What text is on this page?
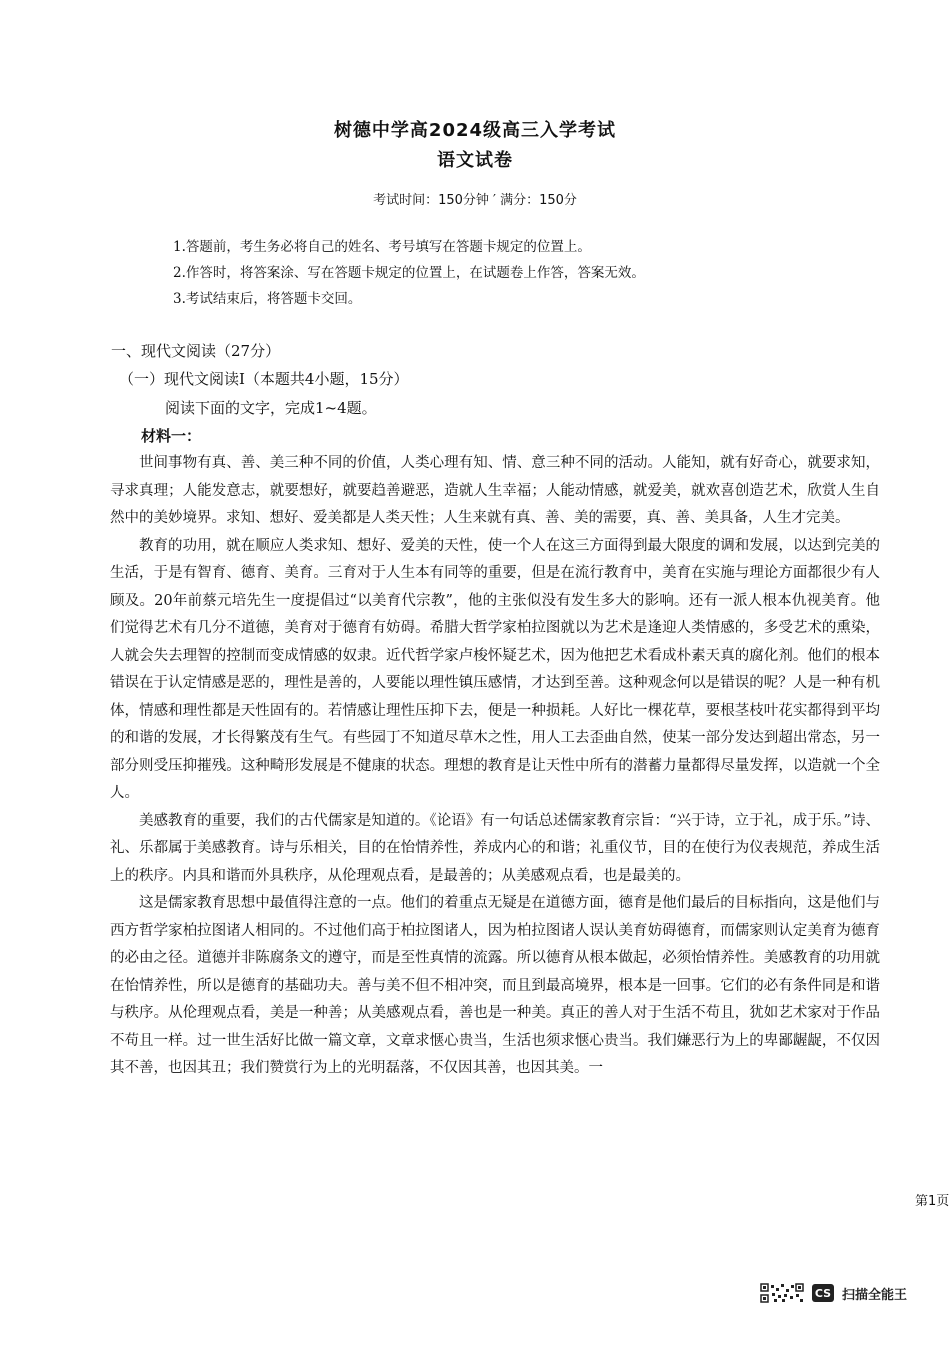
树德中学高2024级高三入学考试
语文试卷
考试时间：150分钟 ′ 满分：150分
1.答题前，考生务必将自己的姓名、考号填写在答题卡规定的位置上。
2.作答时，将答案涂、写在答题卡规定的位置上，在试题卷上作答，答案无效。
3.考试结束后，将答题卡交回。
一、现代文阅读（27分）
（一）现代文阅读Ⅰ（本题共4小题，15分）
阅读下面的文字，完成1~4题。
材料一：

世间事物有真、善、美三种不同的价值，人类心理有知、情、意三种不同的活动。人能知，就有好奇心，就要求知，寻求真理；人能发意志，就要想好，就要趋善避恶，造就人生幸福；人能动情感，就爱美，就欢喜创造艺术，欣赏人生自然中的美妙境界。求知、想好、爱美都是人类天性；人生来就有真、善、美的需要，真、善、美具备，人生才完美。

教育的功用，就在顺应人类求知、想好、爱美的天性，使一个人在这三方面得到最大限度的调和发展，以达到完美的生活，于是有智育、德育、美育。三育对于人生本有同等的重要，但是在流行教育中，美育在实施与理论方面都很少有人顾及。20年前蔡元培先生一度提倡过“以美育代宗教”，他的主张似没有发生多大的影响。还有一派人根本仇视美育。他们觉得艺术有几分不道德，美育对于德育有妨碍。希腊大哲学家柏拉图就以为艺术是逢迎人类情感的，多受艺术的熏染，人就会失去理智的控制而变成情感的奴隶。近代哲学家卢梭怀疑艺术，因为他把艺术看成朴素天真的腐化剂。他们的根本错误在于认定情感是恶的，理性是善的，人要能以理性镇压感情，才达到至善。这种观念何以是错误的呢？人是一种有机体，情感和理性都是天性固有的。若情感让理性压抑下去，便是一种损耗。人好比一棵花草，要根茎枝叶花实都得到平均的和谐的发展，才长得繁茂有生气。有些园丁不知道尽草木之性，用人工去歪曲自然，使某一部分发达到超出常态，另一部分则受压抑摧残。这种畸形发展是不健康的状态。理想的教育是让天性中所有的潜蓄力量都得尽量发挥，以造就一个全人。

美感教育的重要，我们的古代儒家是知道的。《论语》有一句话总述儒家教育宗旨：“兴于诗，立于礼，成于乐。”诗、礼、乐都属于美感教育。诗与乐相关，目的在怡情养性，养成内心的和谐；礼重仪节，目的在使行为仪表规范，养成生活上的秩序。内具和谐而外具秩序，从伦理观点看，是最善的；从美感观点看，也是最美的。

这是儒家教育思想中最值得注意的一点。他们的着重点无疑是在道德方面，德育是他们最后的目标指向，这是他们与西方哲学家柏拉图诸人相同的。不过他们高于柏拉图诸人，因为柏拉图诸人误认美育妨碍德育，而儒家则认定美育为德育的必由之径。道德并非陈腐条文的遵守，而是至性真情的流露。所以德育从根本做起，必须怡情养性。美感教育的功用就在怡情养性，所以是德育的基础功夫。善与美不但不相冲突，而且到最高境界，根本是一回事。它们的必有条件同是和谐与秩序。从伦理观点看，美是一种善；从美感观点看，善也是一种美。真正的善人对于生活不苟且，犹如艺术家对于作品不苟且一样。过一世生活好比做一篇文章，文章求惬心贵当，生活也须求惬心贵当。我们嫌恶行为上的卑鄙龌龊，不仅因其不善，也因其丑；我们赞赏行为上的光明磊落，不仅因其善，也因其美。一

第1页
CS 扫描全能王
